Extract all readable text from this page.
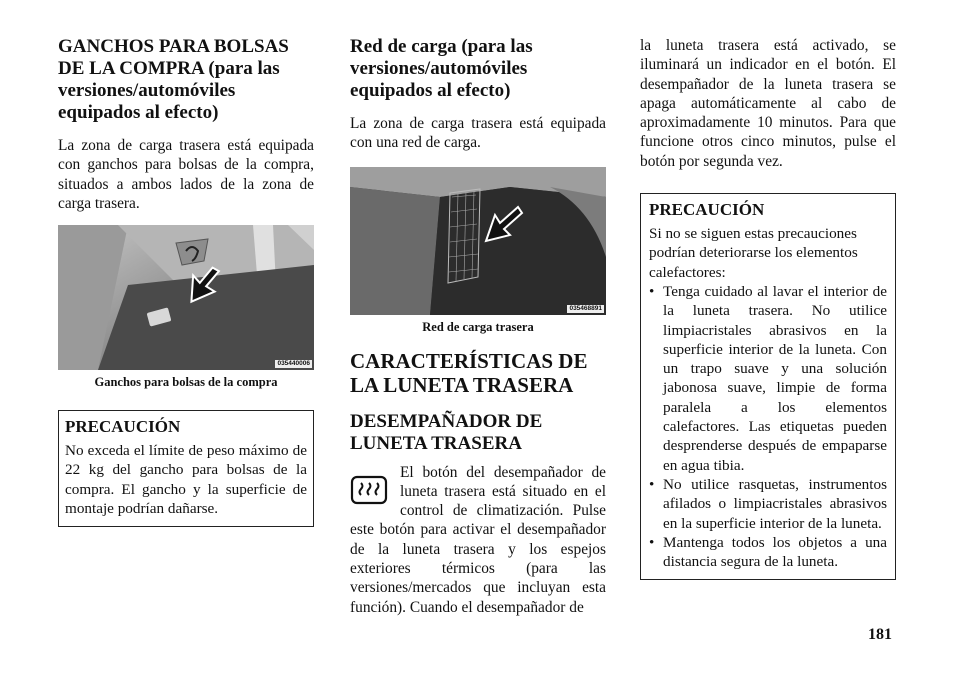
GANCHOS PARA BOLSAS DE LA COMPRA (para las versiones/automóviles equipados al efecto)

La zona de carga trasera está equipada con ganchos para bolsas de la compra, situados a ambos lados de la zona de carga trasera.

035440006
Ganchos para bolsas de la compra
PRECAUCIÓN

No exceda el límite de peso máximo de 22 kg del gancho para bolsas de la compra. El gancho y la superficie de montaje podrían dañarse.

Red de carga (para las versiones/automóviles equipados al efecto)

La zona de carga trasera está equipada con una red de carga.

035468891
Red de carga trasera
CARACTERÍSTICAS DE LA LUNETA TRASERA
DESEMPAÑADOR DE LUNETA TRASERA

El botón del desempañador de luneta trasera está situado en el control de climatización. Pulse este botón para activar el desempañador de la luneta trasera y los espejos exteriores térmicos (para las versiones/mercados que incluyan esta función). Cuando el desempañador de

la luneta trasera está activado, se iluminará un indicador en el botón. El desempañador de la luneta trasera se apaga automáticamente al cabo de aproximadamente 10 minutos. Para que funcione otros cinco minutos, pulse el botón por segunda vez.

PRECAUCIÓN

Si no se siguen estas precauciones podrían deteriorarse los elementos calefactores:

• Tenga cuidado al lavar el interior de la luneta trasera. No utilice limpiacristales abrasivos en la superficie interior de la luneta. Con un trapo suave y una solución jabonosa suave, limpie de forma paralela a los elementos calefactores. Las etiquetas pueden desprenderse después de empaparse en agua tibia.
• No utilice rasquetas, instrumentos afilados o limpiacristales abrasivos en la superficie interior de la luneta.
• Mantenga todos los objetos a una distancia segura de la luneta.
181
